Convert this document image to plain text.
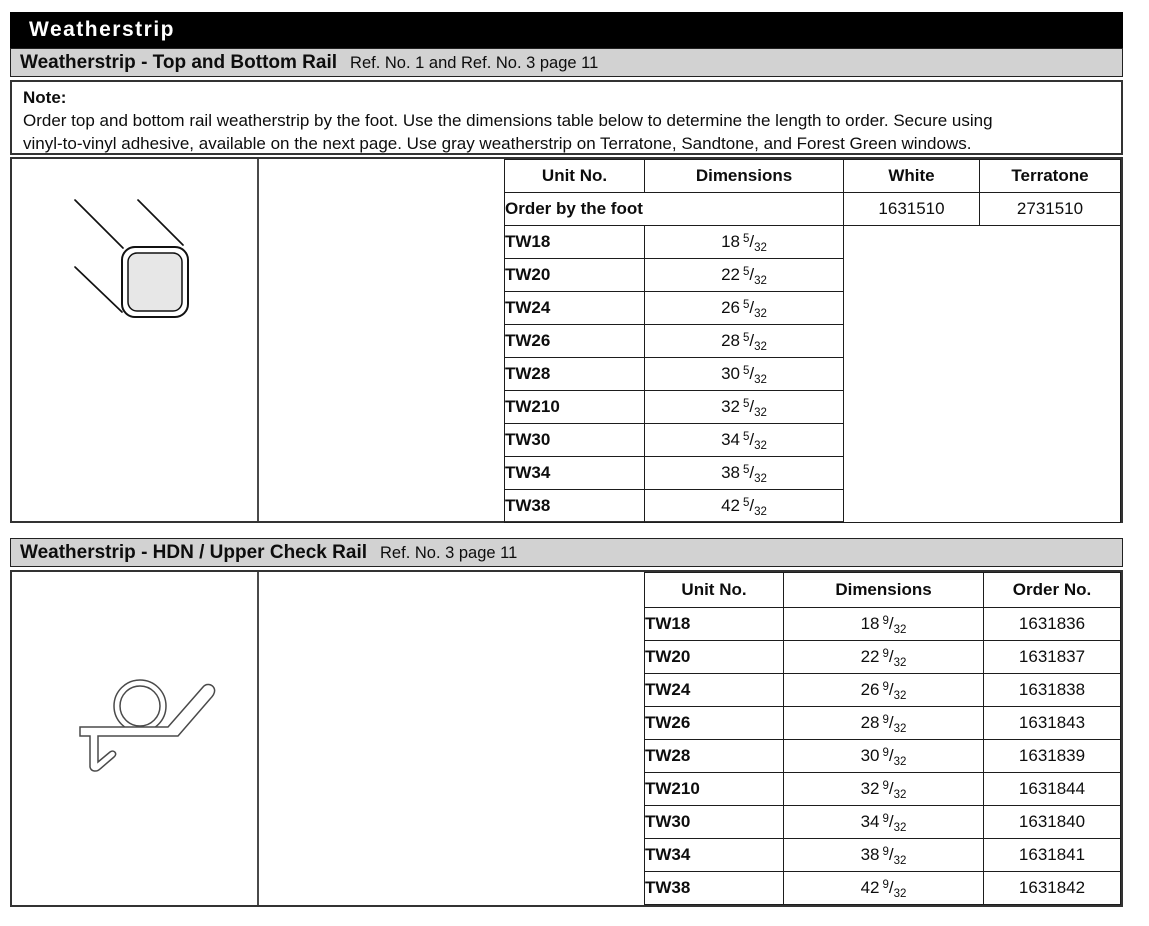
Weatherstrip
Weatherstrip - Top and Bottom Rail Ref. No. 1 and Ref. No. 3 page 11
Note:

Order top and bottom rail weatherstrip by the foot. Use the dimensions table below to determine the length to order. Secure using

vinyl-to-vinyl adhesive, available on the next page. Use gray weatherstrip on Terratone, Sandtone, and Forest Green windows.

Unit No.	Dimensions	White	Terratone
Order by the foot		1631510	2731510
TW18	18 $^5/_{32}$	
TW20	22 $^5/_{32}$
TW24	26 $^5/_{32}$
TW26	28 $^5/_{32}$
TW28	30 $^5/_{32}$
TW210	32 $^5/_{32}$
TW30	34 $^5/_{32}$
TW34	38 $^5/_{32}$
TW38	42 $^5/_{32}$
Weatherstrip - HDN / Upper Check Rail Ref. No. 3 page 11
Unit No.	Dimensions	Order No.
TW18	18 $^9/_{32}$	1631836
TW20	22 $^9/_{32}$	1631837
TW24	26 $^9/_{32}$	1631838
TW26	28 $^9/_{32}$	1631843
TW28	30 $^9/_{32}$	1631839
TW210	32 $^9/_{32}$	1631844
TW30	34 $^9/_{32}$	1631840
TW34	38 $^9/_{32}$	1631841
TW38	42 $^9/_{32}$	1631842
